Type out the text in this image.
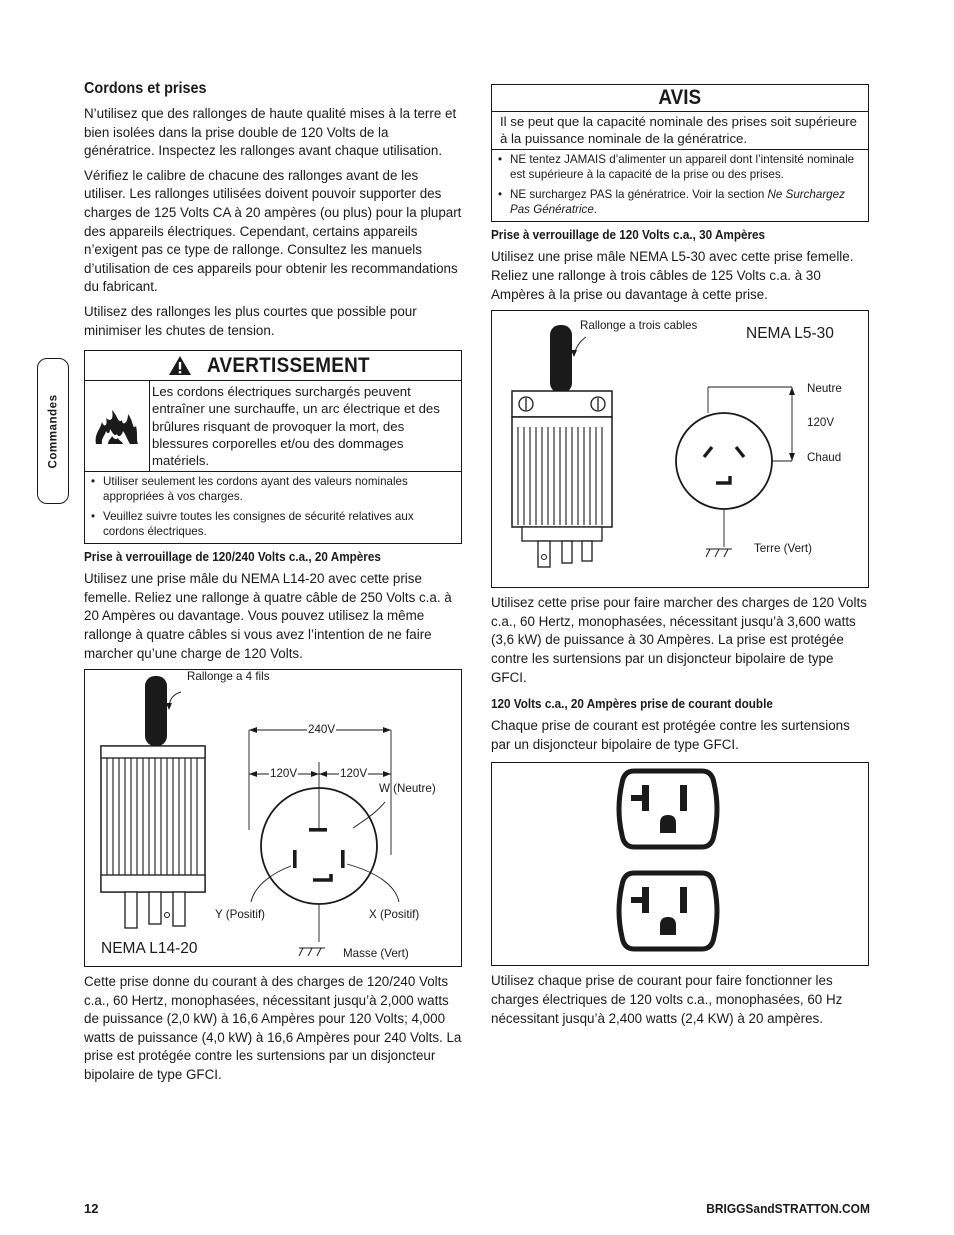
Commandes
Cordons et prises

N’utilisez que des rallonges de haute qualité mises à la terre et bien isolées dans la prise double de 120 Volts de la génératrice. Inspectez les rallonges avant chaque utilisation.

Vérifiez le calibre de chacune des rallonges avant de les utiliser. Les rallonges utilisées doivent pouvoir supporter des charges de 125 Volts CA à 20 ampères (ou plus) pour la plupart des appareils électriques. Cependant, certains appareils n’exigent pas ce type de rallonge. Consultez les manuels d’utilisation de ces appareils pour obtenir les recommandations du fabricant.

Utilisez des rallonges les plus courtes que possible pour minimiser les chutes de tension.

AVERTISSEMENT
Les cordons électriques surchargés peuvent entraîner une surchauffe, un arc électrique et des brûlures risquant de provoquer la mort, des blessures corporelles et/ou des dommages matériels.
• Utiliser seulement les cordons ayant des valeurs nominales appropriées à vos charges.
• Veuillez suivre toutes les consignes de sécurité relatives aux cordons électriques.
Prise à verrouillage de 120/240 Volts c.a., 20 Ampères

Utilisez une prise mâle du NEMA L14-20 avec cette prise femelle. Reliez une rallonge à quatre câble de 250 Volts c.a. à 20 Ampères ou davantage. Vous pouvez utilisez la même rallonge à quatre câbles si vous avez l’intention de ne faire marcher qu’une charge de 120 Volts.

Rallonge a 4 fils
240V
120V	120V
W (Neutre)
Y (Positif)	X (Positif)
NEMA L14-20	Masse (Vert)

Cette prise donne du courant à des charges de 120/240 Volts c.a., 60 Hertz, monophasées, nécessitant jusqu’à 2,000 watts de puissance (2,0 kW) à 16,6 Ampères pour 120 Volts; 4,000 watts de puissance (4,0 kW) à 16,6 Ampères pour 240 Volts. La prise est protégée contre les surtensions par un disjoncteur bipolaire de type GFCI.

AVIS
Il se peut que la capacité nominale des prises soit supérieure à la puissance nominale de la génératrice.
• NE tentez JAMAIS d’alimenter un appareil dont l’intensité nominale est supérieure à la capacité de la prise ou des prises.
• NE surchargez PAS la génératrice. Voir la section Ne Surchargez Pas Génératrice.
Prise à verrouillage de 120 Volts c.a., 30 Ampères

Utilisez une prise mâle NEMA L5-30 avec cette prise femelle. Reliez une rallonge à trois câbles de 125 Volts c.a. à 30 Ampères à la prise ou davantage à cette prise.

Rallonge a trois cables	NEMA L5-30
Neutre
120V
Chaud
Terre (Vert)

Utilisez cette prise pour faire marcher des charges de 120 Volts c.a., 60 Hertz, monophasées, nécessitant jusqu’à 3,600 watts (3,6 kW) de puissance à 30 Ampères. La prise est protégée contre les surtensions par un disjoncteur bipolaire de type GFCI.

120 Volts c.a., 20 Ampères prise de courant double

Chaque prise de courant est protégée contre les surtensions par un disjoncteur bipolaire de type GFCI.

Utilisez chaque prise de courant pour faire fonctionner les charges électriques de 120 volts c.a., monophasées, 60 Hz nécessitant jusqu’à 2,400 watts (2,4 KW) à 20 ampères.

12	BRIGGSandSTRATTON.COM
